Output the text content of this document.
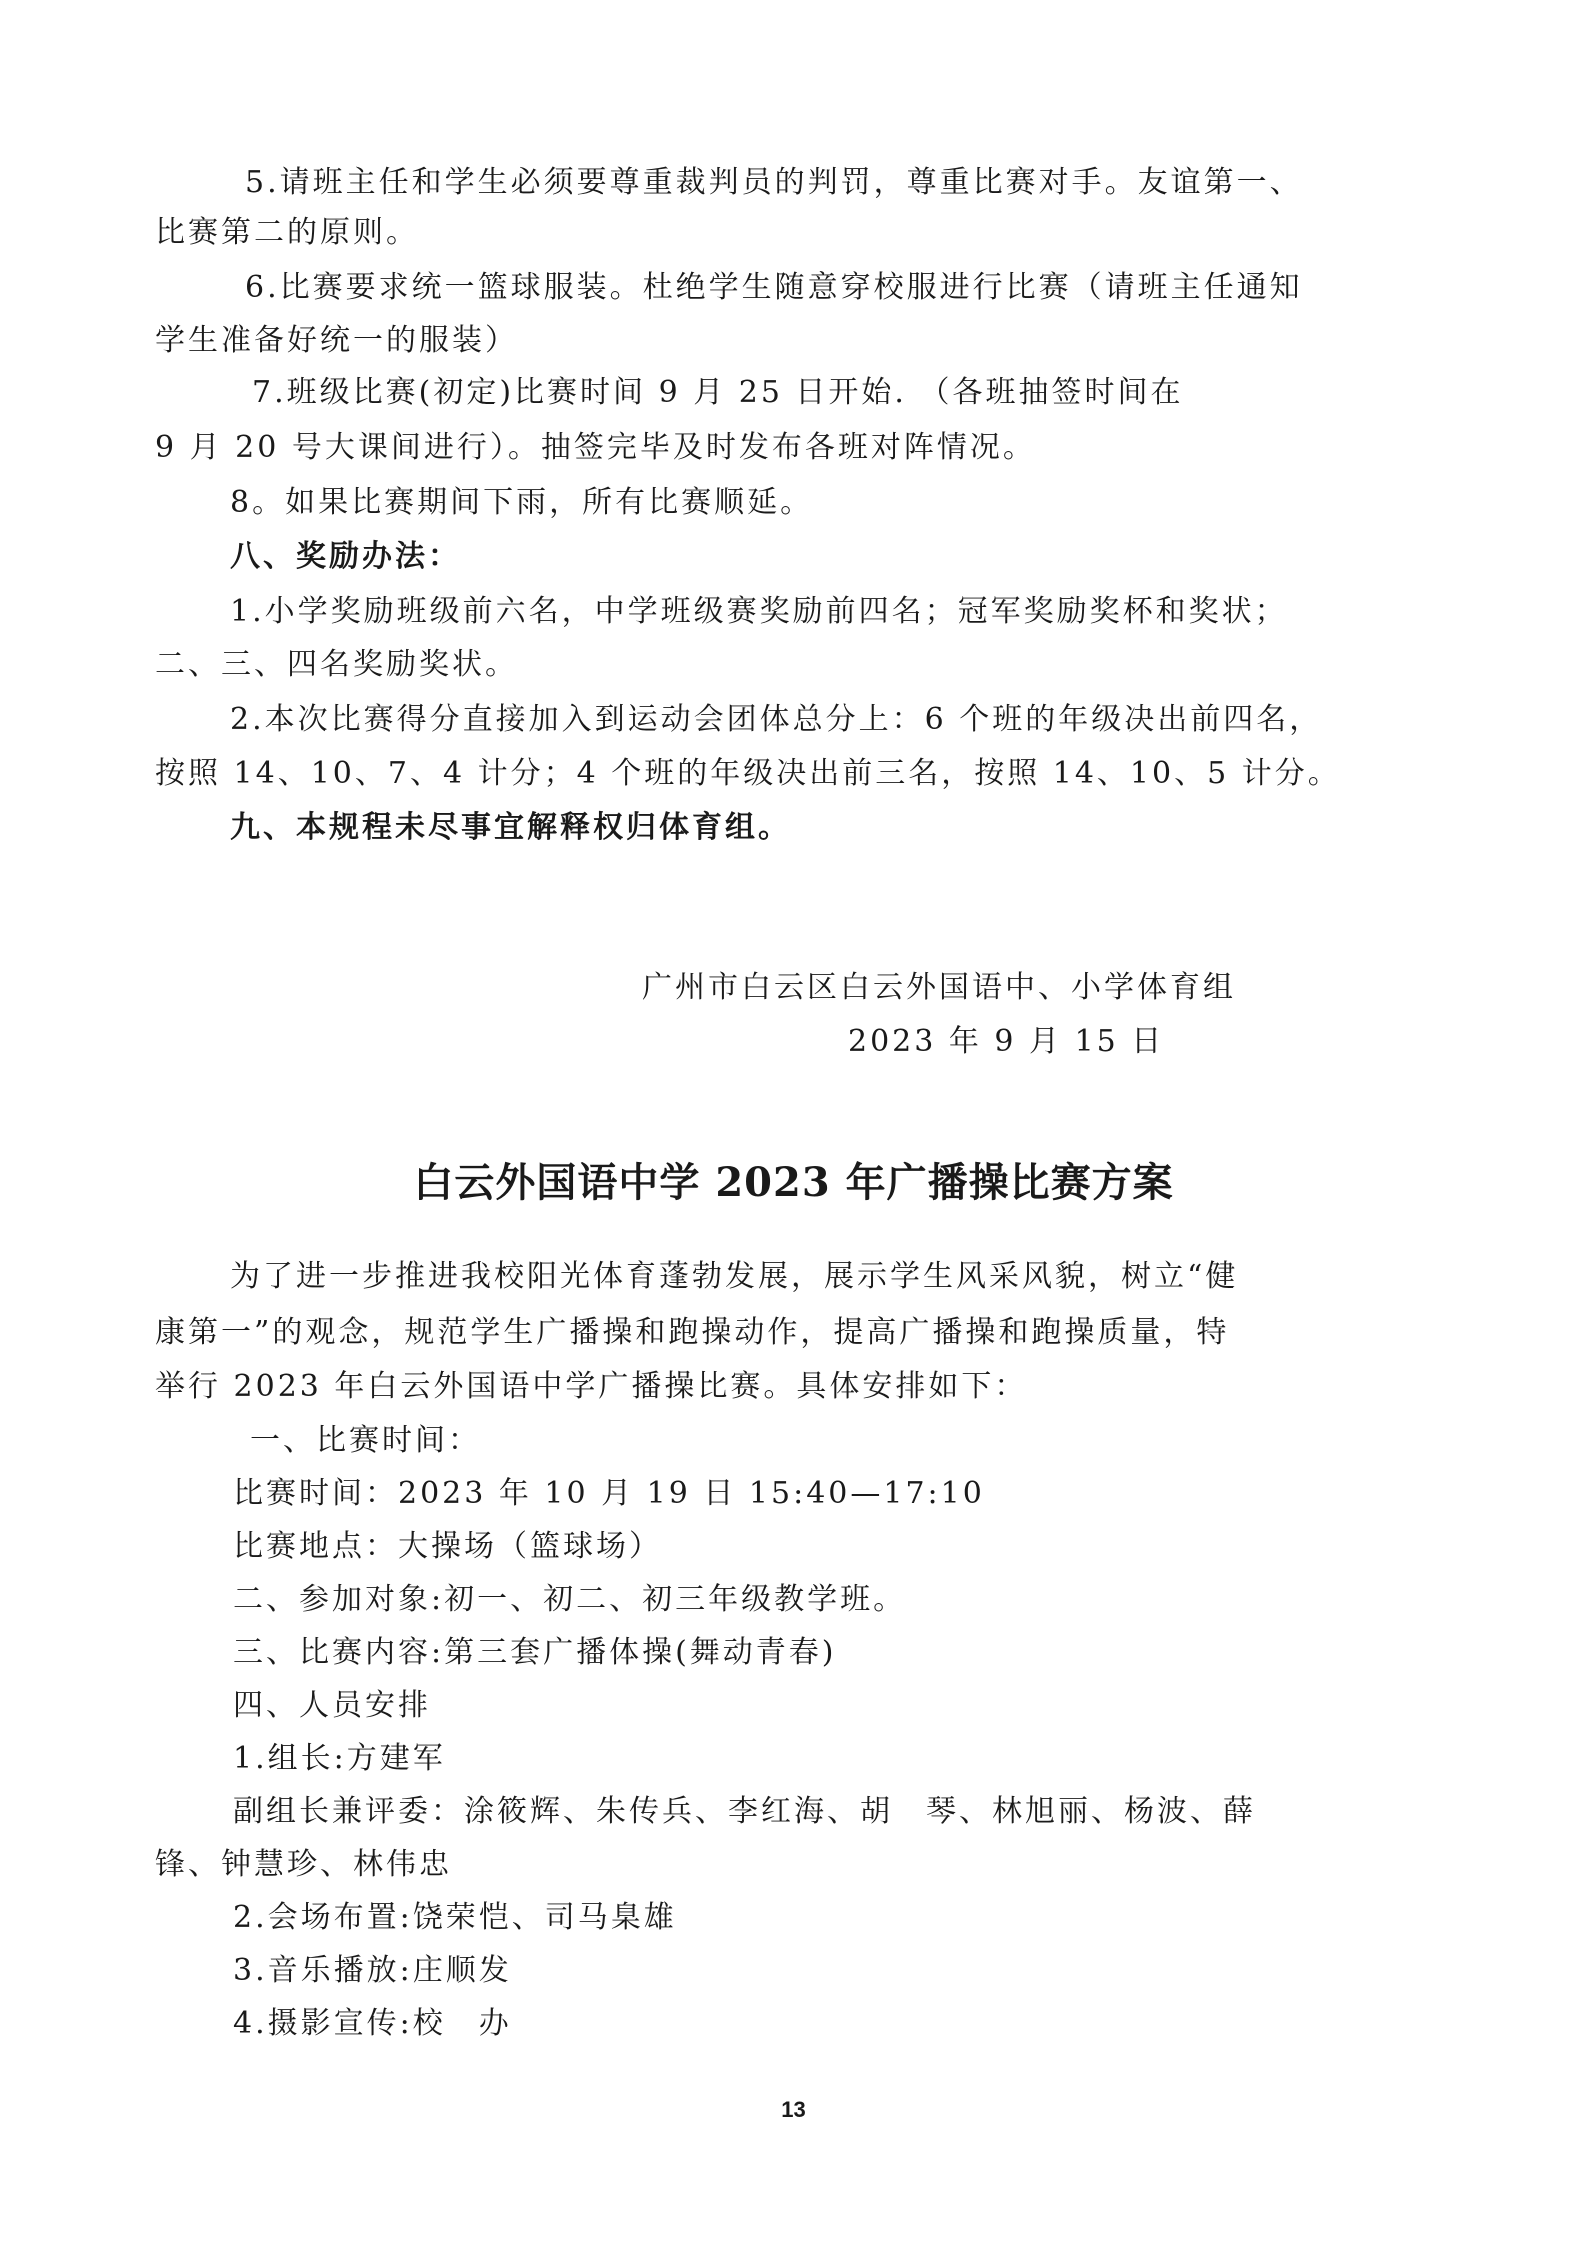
5.请班主任和学生必须要尊重裁判员的判罚，尊重比赛对手。友谊第一、
比赛第二的原则。
6.比赛要求统一篮球服装。杜绝学生随意穿校服进行比赛（请班主任通知
学生准备好统一的服装）
7.班级比赛(初定)比赛时间 9 月 25 日开始. （各班抽签时间在
9 月 20 号大课间进行）。抽签完毕及时发布各班对阵情况。
8。如果比赛期间下雨，所有比赛顺延。
八、奖励办法：
1.小学奖励班级前六名，中学班级赛奖励前四名；冠军奖励奖杯和奖状；
二、三、四名奖励奖状。
2.本次比赛得分直接加入到运动会团体总分上：6 个班的年级决出前四名，
按照 14、10、7、4 计分；4 个班的年级决出前三名，按照 14、10、5 计分。
九、本规程未尽事宜解释权归体育组。
广州市白云区白云外国语中、小学体育组
2023 年 9 月 15 日
白云外国语中学 2023 年广播操比赛方案
为了进一步推进我校阳光体育蓬勃发展，展示学生风采风貌，树立“健
康第一”的观念，规范学生广播操和跑操动作，提高广播操和跑操质量，特
举行 2023 年白云外国语中学广播操比赛。具体安排如下：
一、比赛时间：
比赛时间：2023 年 10 月 19 日 15:40—17:10
比赛地点：大操场（篮球场）
二、参加对象:初一、初二、初三年级教学班。
三、比赛内容:第三套广播体操(舞动青春)
四、人员安排
1.组长:方建军
副组长兼评委：涂筱辉、朱传兵、李红海、胡　琴、林旭丽、杨波、薛
锋、钟慧珍、林伟忠
2.会场布置:饶荣恺、司马臬雄
3.音乐播放:庄顺发
4.摄影宣传:校　办
13
